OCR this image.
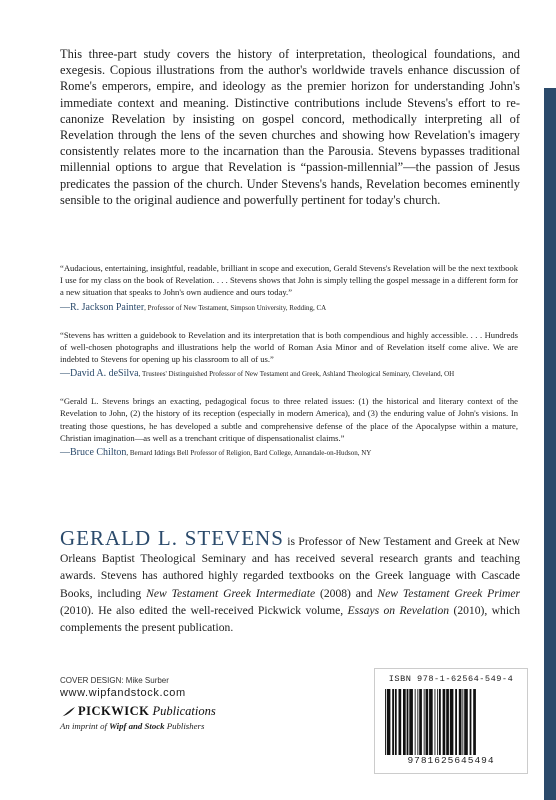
This three-part study covers the history of interpretation, theological foundations, and exegesis. Copious illustrations from the author's worldwide travels enhance discussion of Rome's emperors, empire, and ideology as the premier horizon for understanding John's immediate context and meaning. Distinctive contributions include Stevens's effort to re-canonize Revelation by insisting on gospel concord, methodically interpreting all of Revelation through the lens of the seven churches and showing how Revelation's imagery consistently relates more to the incarnation than the Parousia. Stevens bypasses traditional millennial options to argue that Revelation is “passion-millennial”—the passion of Jesus predicates the passion of the church. Under Stevens's hands, Revelation becomes eminently sensible to the original audience and powerfully pertinent for today's church.

“Audacious, entertaining, insightful, readable, brilliant in scope and execution, Gerald Stevens's Revelation will be the next textbook I use for my class on the book of Revelation. . . . Stevens shows that John is simply telling the gospel message in a different form for a new situation that speaks to John's own audience and ours today.”

—R. Jackson Painter, Professor of New Testament, Simpson University, Redding, CA

“Stevens has written a guidebook to Revelation and its interpretation that is both compendious and highly accessible. . . . Hundreds of well-chosen photographs and illustrations help the world of Roman Asia Minor and of Revelation itself come alive. We are indebted to Stevens for opening up his classroom to all of us.”

—David A. deSilva, Trustees' Distinguished Professor of New Testament and Greek, Ashland Theological Seminary, Cleveland, OH

“Gerald L. Stevens brings an exacting, pedagogical focus to three related issues: (1) the historical and literary context of the Revelation to John, (2) the history of its reception (especially in modern America), and (3) the enduring value of John's visions. In treating those questions, he has developed a subtle and comprehensive defense of the place of the Apocalypse within a mature, Christian imagination—as well as a trenchant critique of dispensationalist claims.”

—Bruce Chilton, Bernard Iddings Bell Professor of Religion, Bard College, Annandale-on-Hudson, NY

GERALD L. STEVENS is Professor of New Testament and Greek at New Orleans Baptist Theological Seminary and has received several research grants and teaching awards. Stevens has authored highly regarded textbooks on the Greek language with Cascade Books, including New Testament Greek Intermediate (2008) and New Testament Greek Primer (2010). He also edited the well-received Pickwick volume, Essays on Revelation (2010), which complements the present publication.

COVER DESIGN: Mike Surber
www.wipfandstock.com
PICKWICK Publications
An imprint of Wipf and Stock Publishers
ISBN 978-1-62564-549-4
9781625645494
